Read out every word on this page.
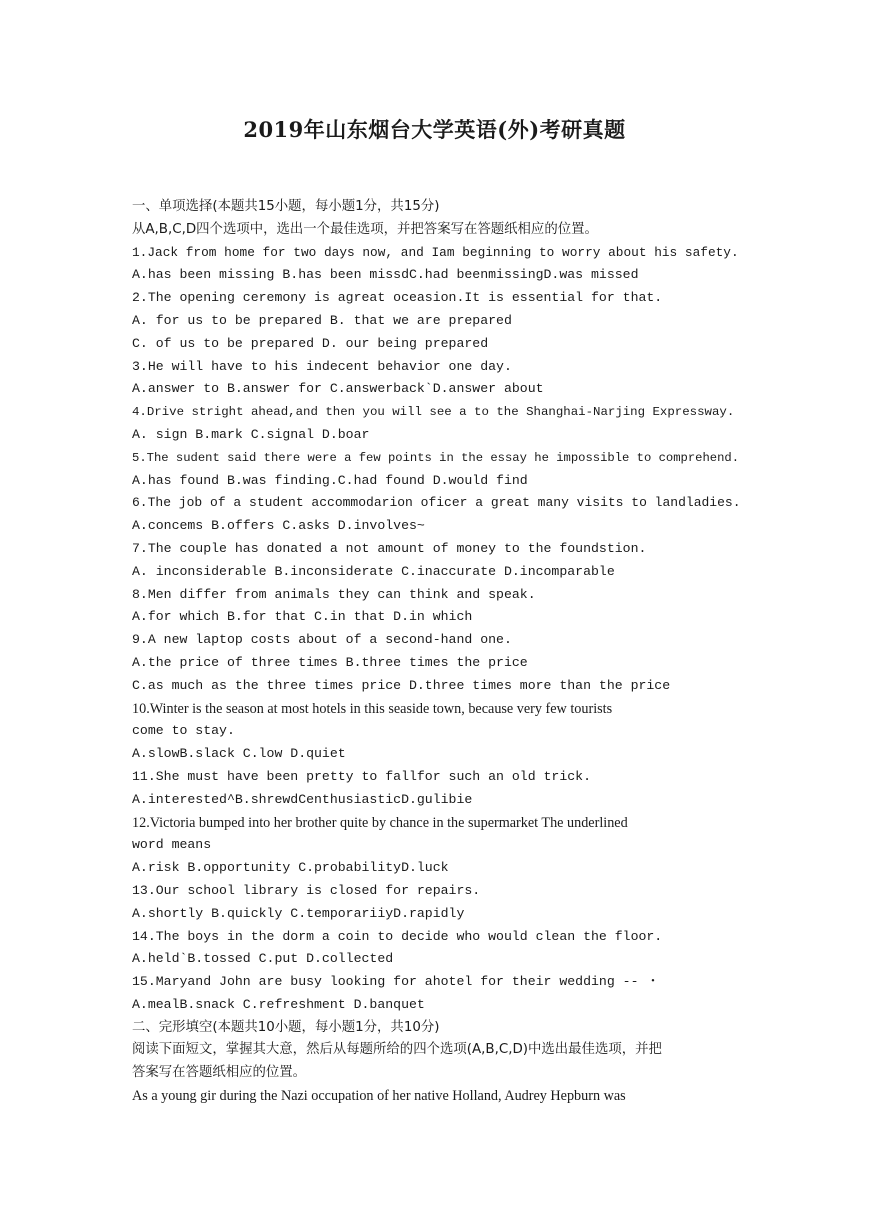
2019年山东烟台大学英语(外)考研真题
一、单项选择(本题共15小题，每小题1分，共15分)
从A,B,C,D四个选项中，选出一个最佳选项，并把答案写在答题纸相应的位置。
1.Jack from home for two days now, and Iam beginning to worry about his safety.
A.has been missing B.has been missdC.had beenmissingD.was missed
2.The opening ceremony is agreat oceasion.It is essential for that.
A. for us to be prepared B. that we are prepared
C. of us to be prepared D. our being prepared
3.He will have to his indecent behavior one day.
A.answer to B.answer for C.answerback`D.answer about
4.Drive stright ahead,and then you will see a to the Shanghai-Narjing Expressway.
A. sign B.mark C.signal D.boar
5.The sudent said there were a few points in the essay he impossible to comprehend.
A.has found B.was finding.C.had found D.would find
6.The job of a student accommodarion oficer a great many visits to landladies.
A.concems B.offers C.asks D.involves~
7.The couple has donated a not amount of money to the foundstion.
A. inconsiderable B.inconsiderate C.inaccurate D.incomparable
8.Men differ from animals they can think and speak.
A.for which B.for that C.in that D.in which
9.A new laptop costs about of a second-hand one.
A.the price of three times B.three times the price
C.as much as the three times price D.three times more than the price
10.Winter is the season at most hotels in this seaside town, because very few tourists
come to stay.
A.slowB.slack C.low D.quiet
11.She must have been pretty to fallfor such an old trick.
A.interested^B.shrewdCenthusiasticD.gulibie
12.Victoria bumped into her brother quite by chance in the supermarket The underlined
word means
A.risk B.opportunity C.probabilityD.luck
13.Our school library is closed for repairs.
A.shortly B.quickly C.temporariiyD.rapidly
14.The boys in the dorm a coin to decide who would clean the floor.
A.held`B.tossed C.put D.collected
15.Maryand John are busy looking for ahotel for their wedding -- ・
A.mealB.snack C.refreshment D.banquet
二、完形填空(本题共10小题，每小题1分，共10分)
阅读下面短文，掌握其大意，然后从每题所给的四个选项(A,B,C,D)中选出最佳选项，并把
答案写在答题纸相应的位置。
As a young gir during the Nazi occupation of her native Holland, Audrey Hepburn was
